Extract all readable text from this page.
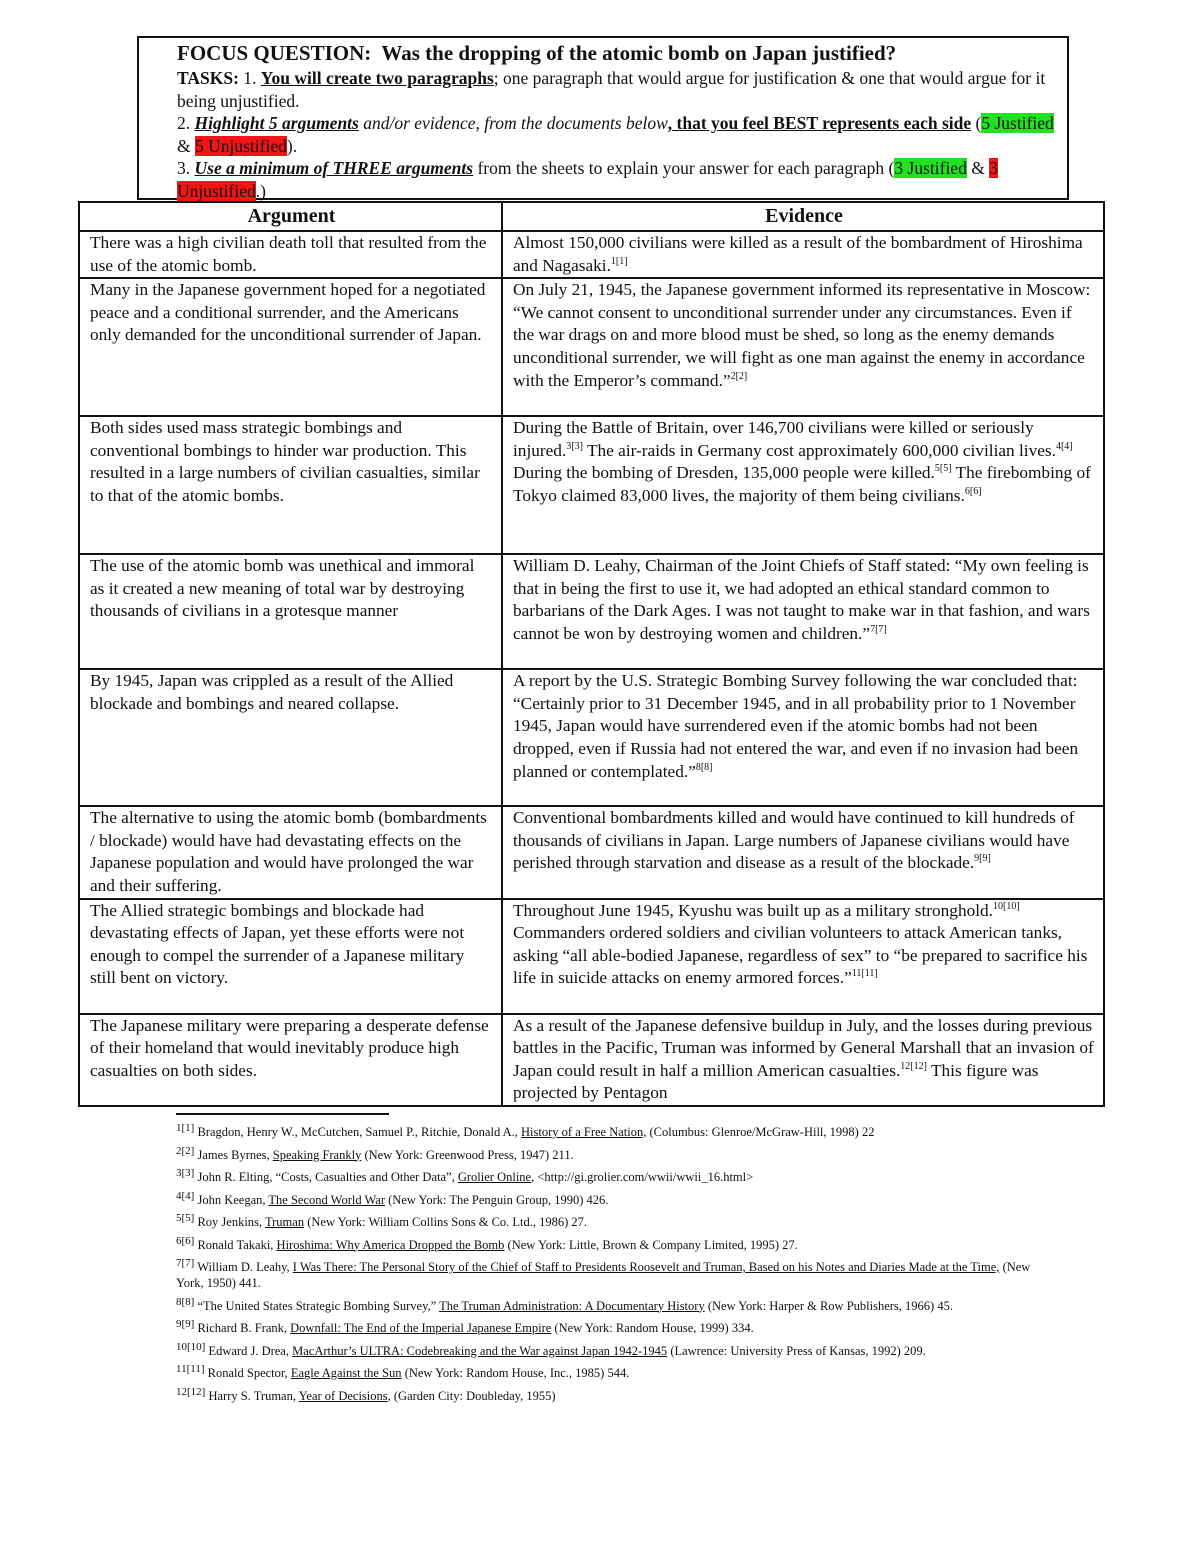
FOCUS QUESTION: Was the dropping of the atomic bomb on Japan justified?
TASKS: 1. You will create two paragraphs; one paragraph that would argue for justification & one that would argue for it being unjustified.
2. Highlight 5 arguments and/or evidence, from the documents below, that you feel BEST represents each side (5 Justified & 5 Unjustified).
3. Use a minimum of THREE arguments from the sheets to explain your answer for each paragraph (3 Justified & 3 Unjustified.)
Argument	Evidence
There was a high civilian death toll that resulted from the use of the atomic bomb.	Almost 150,000 civilians were killed as a result of the bombardment of Hiroshima and Nagasaki.$^{1[1]}$
Many in the Japanese government hoped for a negotiated peace and a conditional surrender, and the Americans only demanded for the unconditional surrender of Japan.	On July 21, 1945, the Japanese government informed its representative in Moscow: “We cannot consent to unconditional surrender under any circumstances. Even if the war drags on and more blood must be shed, so long as the enemy demands unconditional surrender, we will fight as one man against the enemy in accordance with the Emperor’s command.”$^{2[2]}$
Both sides used mass strategic bombings and conventional bombings to hinder war production. This resulted in a large numbers of civilian casualties, similar to that of the atomic bombs.	During the Battle of Britain, over 146,700 civilians were killed or seriously injured.$^{3[3]}$ The air-raids in Germany cost approximately 600,000 civilian lives.$^{4[4]}$ During the bombing of Dresden, 135,000 people were killed.$^{5[5]}$ The firebombing of Tokyo claimed 83,000 lives, the majority of them being civilians.$^{6[6]}$
The use of the atomic bomb was unethical and immoral as it created a new meaning of total war by destroying thousands of civilians in a grotesque manner	William D. Leahy, Chairman of the Joint Chiefs of Staff stated: “My own feeling is that in being the first to use it, we had adopted an ethical standard common to barbarians of the Dark Ages. I was not taught to make war in that fashion, and wars cannot be won by destroying women and children.”$^{7[7]}$
By 1945, Japan was crippled as a result of the Allied blockade and bombings and neared collapse.	A report by the U.S. Strategic Bombing Survey following the war concluded that: “Certainly prior to 31 December 1945, and in all probability prior to 1 November 1945, Japan would have surrendered even if the atomic bombs had not been dropped, even if Russia had not entered the war, and even if no invasion had been planned or contemplated.”$^{8[8]}$
The alternative to using the atomic bomb (bombardments / blockade) would have had devastating effects on the Japanese population and would have prolonged the war and their suffering.	Conventional bombardments killed and would have continued to kill hundreds of thousands of civilians in Japan. Large numbers of Japanese civilians would have perished through starvation and disease as a result of the blockade.$^{9[9]}$
The Allied strategic bombings and blockade had devastating effects of Japan, yet these efforts were not enough to compel the surrender of a Japanese military still bent on victory.	Throughout June 1945, Kyushu was built up as a military stronghold.$^{10[10]}$ Commanders ordered soldiers and civilian volunteers to attack American tanks, asking “all able-bodied Japanese, regardless of sex” to “be prepared to sacrifice his life in suicide attacks on enemy armored forces.”$^{11[11]}$
The Japanese military were preparing a desperate defense of their homeland that would inevitably produce high casualties on both sides.	As a result of the Japanese defensive buildup in July, and the losses during previous battles in the Pacific, Truman was informed by General Marshall that an invasion of Japan could result in half a million American casualties.$^{12[12]}$ This figure was projected by Pentagon
1[1] Bragdon, Henry W., McCutchen, Samuel P., Ritchie, Donald A., History of a Free Nation, (Columbus: Glenroe/McGraw-Hill, 1998) 22
2[2] James Byrnes, Speaking Frankly (New York: Greenwood Press, 1947) 211.
3[3] John R. Elting, “Costs, Casualties and Other Data”, Grolier Online, <http://gi.grolier.com/wwii/wwii_16.html>
4[4] John Keegan, The Second World War (New York: The Penguin Group, 1990) 426.
5[5] Roy Jenkins, Truman (New York: William Collins Sons & Co. Ltd., 1986) 27.
6[6] Ronald Takaki, Hiroshima: Why America Dropped the Bomb (New York: Little, Brown & Company Limited, 1995) 27.
7[7] William D. Leahy, I Was There: The Personal Story of the Chief of Staff to Presidents Roosevelt and Truman, Based on his Notes and Diaries Made at the Time, (New York, 1950) 441.
8[8] “The United States Strategic Bombing Survey,” The Truman Administration: A Documentary History (New York: Harper & Row Publishers, 1966) 45.
9[9] Richard B. Frank, Downfall: The End of the Imperial Japanese Empire (New York: Random House, 1999) 334.
10[10] Edward J. Drea, MacArthur’s ULTRA: Codebreaking and the War against Japan 1942-1945 (Lawrence: University Press of Kansas, 1992) 209.
11[11] Ronald Spector, Eagle Against the Sun (New York: Random House, Inc., 1985) 544.
12[12] Harry S. Truman, Year of Decisions, (Garden City: Doubleday, 1955)
